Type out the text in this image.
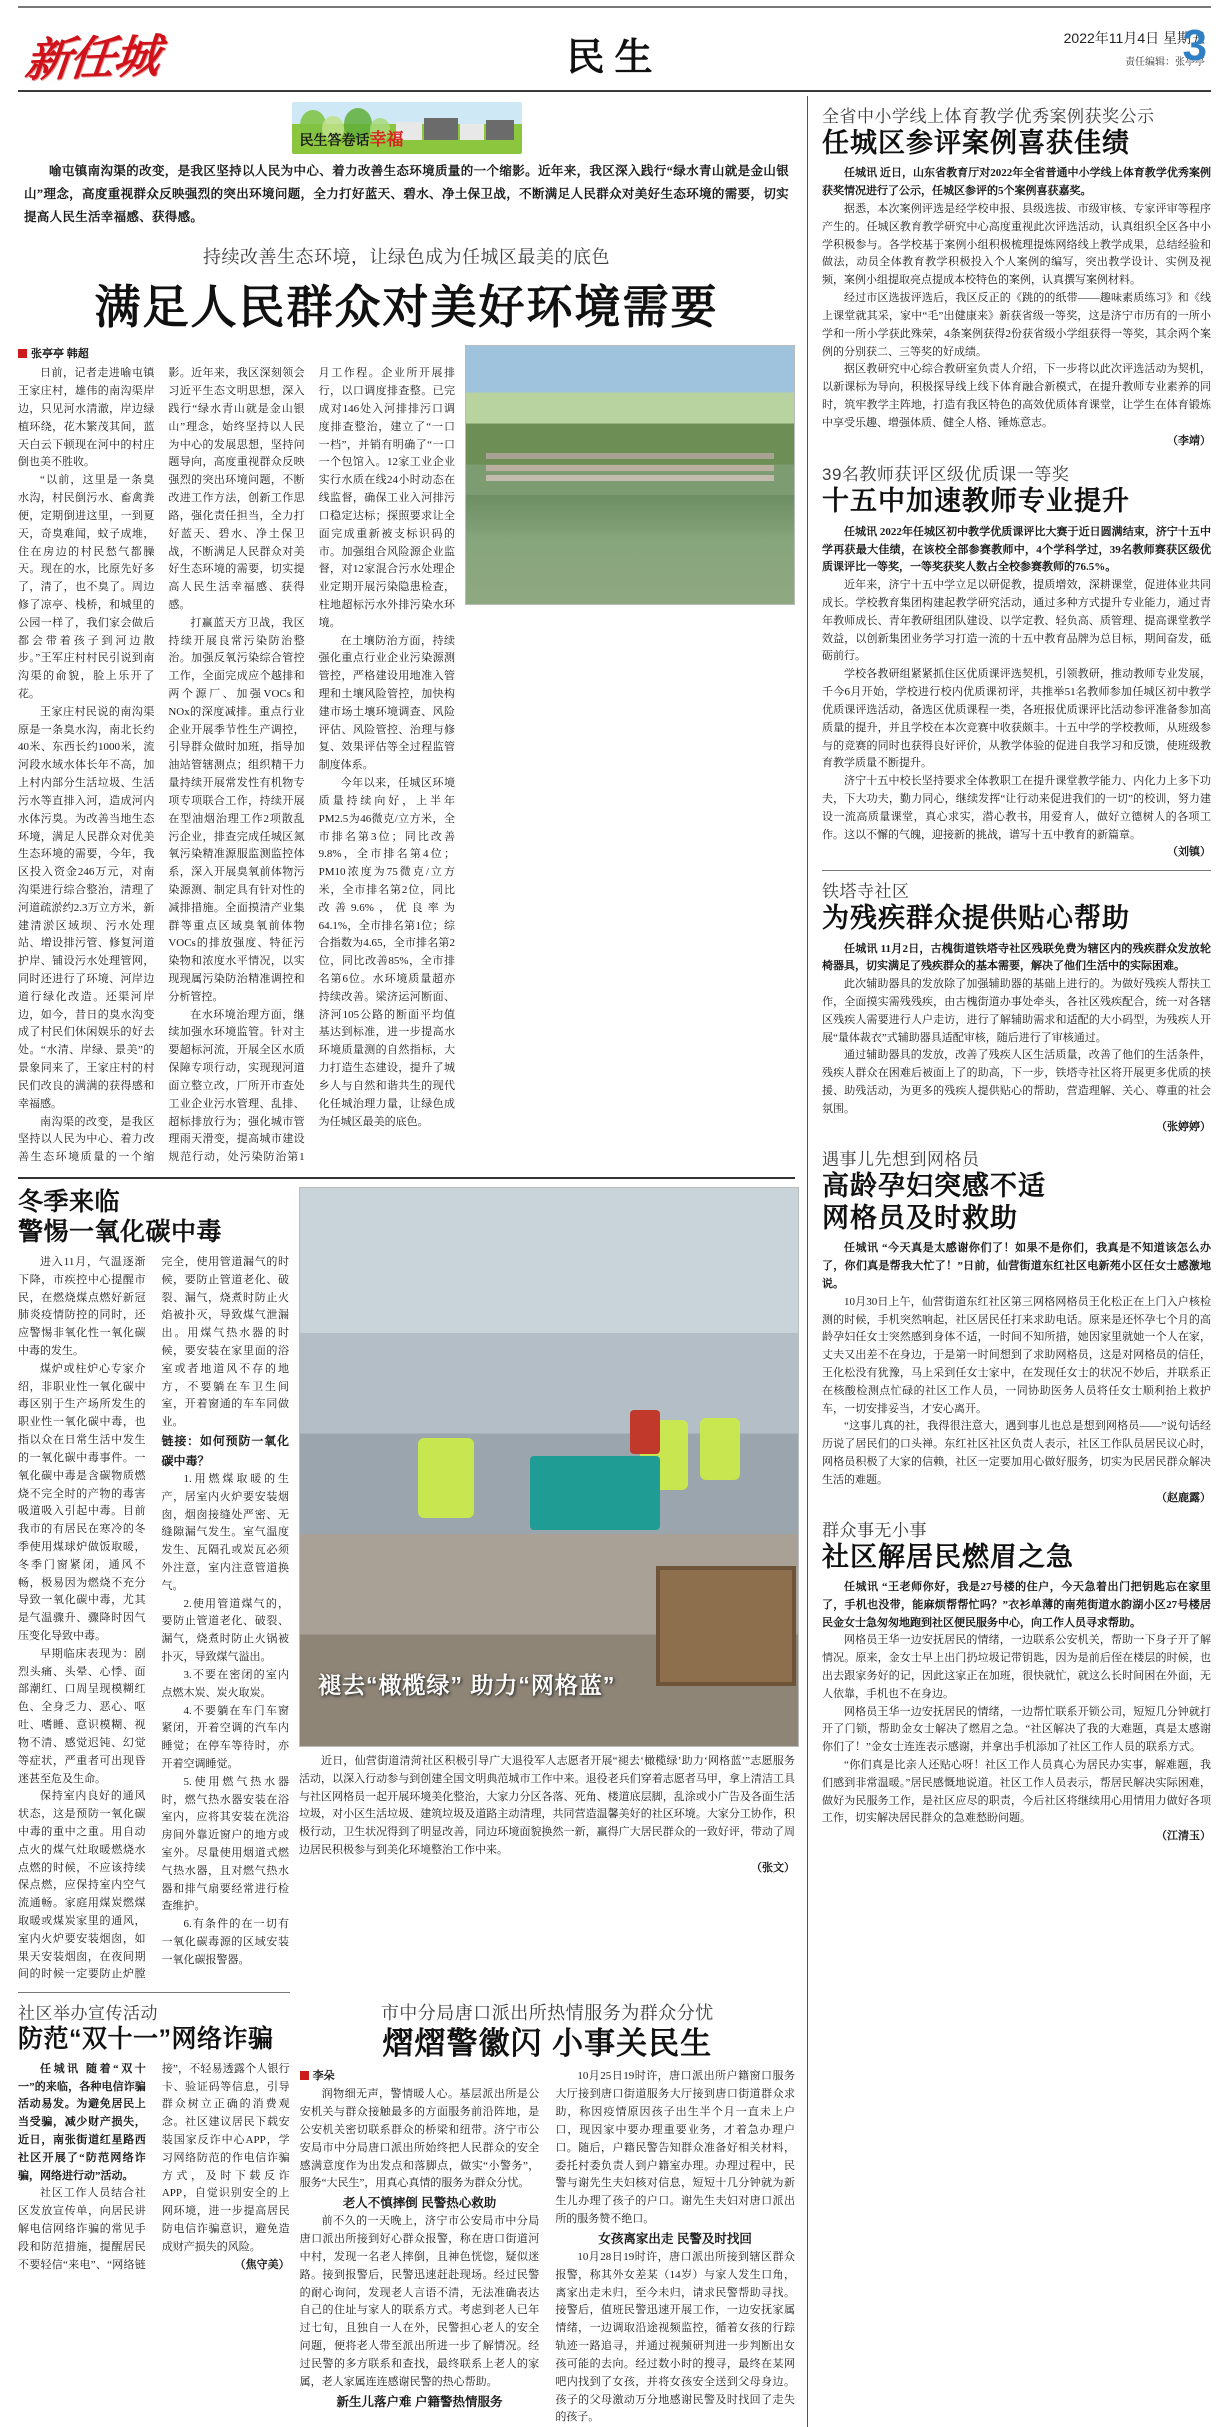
新任城	民生	2022年11月4日 星期五
责任编辑：张亭亭
3
民生答卷话幸福

喻屯镇南沟渠的改变，是我区坚持以人民为中心、着力改善生态环境质量的一个缩影。近年来，我区深入践行“绿水青山就是金山银山”理念，高度重视群众反映强烈的突出环境问题，全力打好蓝天、碧水、净土保卫战，不断满足人民群众对美好生态环境的需要，切实提高人民生活幸福感、获得感。

持续改善生态环境，让绿色成为任城区最美的底色
满足人民群众对美好环境需要
张亭亭 韩超

日前，记者走进喻屯镇王家庄村，雄伟的南沟渠岸边，只见河水清澈，岸边绿植环绕，花木繁茂其间，蓝天白云下顿现在河中的村庄倒也美不胜收。

“以前，这里是一条臭水沟，村民倒污水、畜禽粪便，定期倒进这里，一到夏天，奇臭难闻，蚊子成堆，住在房边的村民愁气都臊天。现在的水，比原先好多了，清了，也不臭了。周边修了凉亭、栈桥，和城里的公园一样了，我们家会做后都会带着孩子到河边散步。”王军庄村村民引说到南沟渠的俞貌，脸上乐开了花。

王家庄村民说的南沟渠原是一条臭水沟，南北长约40米、东西长约1000米，流河段水域水体长年不高，加上村内部分生活垃圾、生活污水等直排入河，造成河内水体污臭。为改善当地生态环境，满足人民群众对优美生态环境的需要，今年，我区投入资金246万元，对南沟渠进行综合整治，清理了河道疏淤约2.3万立方米，新建清淤区域坝、污水处理站、增设排污管、修复河道护岸、铺设污水处理管网，同时还进行了环境、河岸边道行绿化改造。还渠河岸边，如今，昔日的臭水沟变成了村民们休闲娱乐的好去处。“水清、岸绿、景美”的景象同来了，王家庄村的村民们改良的满满的获得感和幸福感。

南沟渠的改变，是我区坚持以人民为中心、着力改善生态环境质量的一个缩影。近年来，我区深刻领会习近平生态文明思想，深入践行“绿水青山就是金山银山”理念，始终坚持以人民为中心的发展思想，坚持问题导向，高度重视群众反映强烈的突出环境问题，不断改进工作方法，创新工作思路，强化责任担当，全力打好蓝天、碧水、净土保卫战，不断满足人民群众对美好生态环境的需要，切实提高人民生活幸福感、获得感。

打赢蓝天方卫战，我区持续开展良常污染防治整治。加强反氧污染综合管控工作，全面完成应个越排和两个源厂、加强VOCs和NOx的深度减排。重点行业企业开展季节性生产调控，引导群众做时加班，指导加油站管辖测点；组织精干力量持续开展常发性有机物专项专项联合工作，持续开展在型油烟治理工作2项散乱污企业，排查完成任城区氮氧污染精准源服监测监控体系，深入开展臭氧前体物污染源测、制定具有针对性的减排措施。全面摸清产业集群等重点区域臭氧前体物VOCs的排放强度、特征污染物和浓度水平情况，以实现现属污染防治精准调控和分析管控。

在水环境治理方面，继续加强水环境监管。针对主要超标河流，开展全区水质保障专项行动，实现现河道面立整立改，厂所开市查处工业企业污水管理、乱排、超标排放行为；强化城市管理雨天滑变，提高城市建设规范行动，处污染防治第1月工作程。企业所开展排行，以口调度排查整。已完成对146处入河排排污口调度排查整治，建立了“一口一档”，并销有明确了“一口一个包馆入。12家工业企业实行水质在线24小时动态在线监督，确保工业入河排污口稳定达标；探照要求让全面完成重新被支标识码的市。加强组合风险源企业监督，对12家混合污水处理企业定期开展污染隐患检查，柱地超标污水外排污染水环境。

在土壤防治方面，持续强化重点行业企业污染源测管控，严格建设用地准入管理和土壤风险管控，加快构建市场土壤环境调查、风险评估、风险管控、治理与修复、效果评估等全过程监管制度体系。

今年以来，任城区环境质量持续向好，上半年PM2.5为46微克/立方米，全市排名第3位；同比改善9.8%，全市排名第4位；PM10浓度为75微克/立方米，全市排名第2位，同比改善9.6%，优良率为64.1%，全市排名第1位；综合指数为4.65，全市排名第2位，同比改善85%，全市排名第6位。水环境质量超亦持续改善。梁济运河断面、济河105公路的断面平均值基达到标准，进一步提高水环境质量测的自然指标，大力打造生态建设，提升了城乡人与自然和谐共生的现代化任城治理力量，让绿色成为任城区最美的底色。

冬季来临
警惕一氧化碳中毒

进入11月，气温逐渐下降，市疾控中心提醒市民，在燃烧煤点燃好新冠肺炎疫情防控的同时，还应警惕非氧化性一氧化碳中毒的发生。

煤炉或柱炉心专家介绍，非职业性一氧化碳中毒区别于生产场所发生的职业性一氧化碳中毒，也指以众在日常生活中发生的一氧化碳中毒事件。一氧化碳中毒是含碳物质燃烧不完全时的产物的毒害吸道吸入引起中毒。目前我市的有居民在寒冷的冬季使用煤球炉做饭取暖，冬季门窗紧闭，通风不畅，极易因为燃烧不充分导致一氧化碳中毒，尤其是气温骤升、骤降时因气压变化导致中毒。

早期临床表现为：剧烈头痛、头晕、心悸、面部潮红、口周呈现模糊红色、全身乏力、恶心、呕吐、嗜睡、意识模糊、视物不清、感觉迟钝、幻觉等症状，严重者可出现昏迷甚至危及生命。

保持室内良好的通风状态，这是预防一氧化碳中毒的重中之重。用自动点火的煤气灶取暖燃烧水点燃的时候，不应该持续保点燃，应保持室内空气流通畅。家庭用煤炭燃煤取暖或煤炭家里的通风，室内火炉要安装烟囱，如果天安装烟囱，在夜间期间的时候一定要防止炉膛完全，使用管道漏气的时候，要防止管道老化、破裂、漏气，烧煮时防止火焰被扑灭，导致煤气泄漏出。用煤气热水器的时候，要安装在家里面的浴室或者地道风不存的地方，不要躺在车卫生间室，开着窗通的车车同做业。

链接：如何预防一氧化碳中毒？

1.用燃煤取暖的生产，居室内火炉要安装烟囱，烟囱接缝处严密、无缝隙漏气发生。室气温度发生、瓦隔孔或炭瓦必须外注意，室内注意管道换气。

2.使用管道煤气的，要防止管道老化、破裂、漏气，烧煮时防止火锅被扑灭，导致煤气溢出。

3.不要在密闭的室内点燃木炭、炭火取炭。

4.不要躺在车门车窗紧闭，开着空调的汽车内睡觉；在停车等待时，亦开着空调睡觉。

5.使用燃气热水器时，燃气热水器安装在浴室内，应将其安装在洗浴房间外靠近窗户的地方或室外。尽量使用烟道式燃气热水器，且对燃气热水器和排气扇要经常进行检查维护。

6.有条件的在一切有一氧化碳毒源的区域安装一氧化碳报警器。

褪去“橄榄绿” 助力“网格蓝”

近日，仙营街道清菏社区积极引导广大退役军人志愿者开展“褪去‘橄榄绿’助力‘网格蓝’”志愿服务活动，以深入行动参与到创建全国文明典范城市工作中来。退役老兵们穿着志愿者马甲，拿上清洁工具与社区网格员一起开展环境美化整治，大家力分区各落、死角、楼道底层脚，乱涂或小广告及各面生活垃圾，对小区生活垃圾、建筑垃圾及道路主动清理，共同营造温馨美好的社区环境。大家分工协作，积极行动，卫生状况得到了明显改善，同边环境面貌换然一新，赢得广大居民群众的一致好评，带动了周边居民积极参与到美化环境整治工作中来。

（张文）

社区举办宣传活动
防范“双十一”网络诈骗

任城讯 随着“双十一”的来临，各种电信诈骗活动易发。为避免居民上当受骗，减少财产损失，近日，南张街道红星路西社区开展了“防范网络诈骗，网络进行动”活动。

社区工作人员结合社区发放宣传单，向居民讲解电信网络诈骗的常见手段和防范措施，提醒居民不要轻信“来电”、“网络链接”，不轻易透露个人银行卡、验证码等信息，引导群众树立正确的消费观念。社区建议居民下载安装国家反诈中心APP，学习网络防范的作电信诈骗方式，及时下载反诈APP，自觉识别安全的上网环境，进一步提高居民防电信诈骗意识，避免造成财产损失的风险。

（焦守美）

市中分局唐口派出所热情服务为群众分忧
熠熠警徽闪 小事关民生

李朵

润物细无声，警情暖人心。基层派出所是公安机关与群众接触最多的方面服务前沿阵地，是公安机关密切联系群众的桥梁和纽带。济宁市公安局市中分局唐口派出所始终把人民群众的安全感满意度作为出发点和落脚点，做实“小警务”，服务“大民生”，用真心真情的服务为群众分忧。

老人不慎摔倒 民警热心救助

前不久的一天晚上，济宁市公安局市中分局唐口派出所接到好心群众报警，称在唐口街道河中村，发现一名老人摔倒，且神色恍惚，疑似迷路。接到报警后，民警迅速赶赴现场。经过民警的耐心询问，发现老人言语不清，无法准确表达自己的住址与家人的联系方式。考虑到老人已年过七旬，且独自一人在外，民警担心老人的安全问题，便将老人带至派出所进一步了解情况。经过民警的多方联系和查找，最终联系上老人的家属，老人家属连连感谢民警的热心帮助。

新生儿落户难 户籍警热情服务

10月25日19时许，唐口派出所户籍窗口服务大厅接到唐口街道服务大厅接到唐口街道群众求助，称因疫情原因孩子出生半个月一直未上户口，现因家中要办理重要业务，才着急办理户口。随后，户籍民警告知群众准备好相关材料，委托村委负责人到户籍室办理。办理过程中，民警与谢先生夫妇核对信息，短短十几分钟就为新生儿办理了孩子的户口。谢先生夫妇对唐口派出所的服务赞不绝口。

女孩离家出走 民警及时找回

10月28日19时许，唐口派出所接到辖区群众报警，称其外女差某（14岁）与家人发生口角，离家出走未归，至今未归，请求民警帮助寻找。接警后，值班民警迅速开展工作，一边安抚家属情绪，一边调取沿途视频监控，循着女孩的行踪轨迹一路追寻，并通过视频研判进一步判断出女孩可能的去向。经过数小时的搜寻，最终在某网吧内找到了女孩，并将女孩安全送到父母身边。孩子的父母激动万分地感谢民警及时找回了走失的孩子。

全省中小学线上体育教学优秀案例获奖公示
任城区参评案例喜获佳绩

任城讯 近日，山东省教育厅对2022年全省普通中小学线上体育教学优秀案例获奖情况进行了公示，任城区参评的5个案例喜获嘉奖。

据悉，本次案例评选是经学校申报、县级选拔、市级审核、专家评审等程序产生的。任城区教育教学研究中心高度重视此次评选活动，认真组织全区各中小学积极参与。各学校基于案例小组积极梳理提炼网络线上教学成果，总结经验和做法，动员全体教育教学积极投入个人案例的编写，突出教学设计、实例及视频，案例小组提取亮点提成本校特色的案例，认真撰写案例材料。

经过市区选拔评选后，我区反正的《跳的的纸带——趣味素质练习》和《线上课堂就其采，家中“毛”出健康来》新获省级一等奖，这是济宁市历有的一所小学和一所小学获此殊荣，4条案例获得2份获省级小学组获得一等奖，其余两个案例的分别获二、三等奖的好成绩。

据区教研究中心综合教研室负责人介绍，下一步将以此次评选活动为契机，以新课标为导向，积极探导线上线下体育融合新模式，在提升教师专业素养的同时，筑牢教学主阵地，打造有我区特色的高效优质体育课堂，让学生在体育锻炼中享受乐趣、增强体质、健全人格、锤炼意志。

（李靖）

39名教师获评区级优质课一等奖
十五中加速教师专业提升

任城讯 2022年任城区初中教学优质课评比大赛于近日圆满结束，济宁十五中学再获最大佳绩，在该校全部参赛教师中，4个学科学过，39名教师赛获区级优质课评比一等奖，一等奖获奖人数占全校参赛教师的76.5%。

近年来，济宁十五中学立足以研促教，提质增效，深耕课堂，促进体业共同成长。学校教育集团构建起教学研究活动，通过多种方式提升专业能力，通过青年教师成长、青年教研组团队建设、以学定教、轻负高、质管理、提高课堂教学效益，以创新集团业务学习打造一流的十五中教育品牌为总目标，期间奋发，砥砺前行。

学校各教研组紧紧抓住区优质课评选契机，引领教研，推动教师专业发展，千今6月开始，学校进行校内优质课初评，共推举51名教师参加任城区初中教学优质课评选活动，备选区优质课程一类，各班报优质课评比活动参评准备参加高质量的提升，并且学校在本次竞赛中收获颇丰。十五中学的学校教师，从班级参与的竞赛的同时也获得良好评价，从教学体验的促进自我学习和反馈，使班级教育教学质量不断提升。

济宁十五中校长坚持要求全体教职工在提升课堂教学能力、内化力上多下功夫，下大功夫，勤力同心，继续发挥“让行动来促进我们的一切”的校训，努力建设一流高质量课堂，真心求实，潜心教书，用爱育人，做好立德树人的各项工作。这以不懈的气魄，迎接新的挑战，谱写十五中教育的新篇章。

（刘镇）

铁塔寺社区
为残疾群众提供贴心帮助

任城讯 11月2日，古槐街道铁塔寺社区残联免费为辖区内的残疾群众发放轮椅器具，切实满足了残疾群众的基本需要，解决了他们生活中的实际困难。

此次辅助器具的发放除了加强辅助器的基础上进行的。为做好残疾人帮扶工作，全面摸实需残残疾，由古槐街道办事处牵头，各社区残疾配合，统一对各辖区残疾人需要进行人户走访，进行了解辅助需求和适配的大小码型，为残疾人开展“量体裁衣”式辅助器具适配审核，随后进行了审核通过。

通过辅助器具的发放，改善了残疾人区生活质量，改善了他们的生活条件，残疾人群众在困难后被面上了的助高，下一步，铁塔寺社区将开展更多优质的挟援、助残活动，为更多的残疾人提供贴心的帮助，营造理解、关心、尊重的社会氛围。

（张婷婷）

遇事儿先想到网格员
高龄孕妇突感不适
网格员及时救助

任城讯 “今天真是太感谢你们了！如果不是你们，我真是不知道该怎么办了，你们真是帮我大忙了！”日前，仙营街道东红社区电新苑小区任女士感激地说。

10月30日上午，仙营街道东红社区第三网格网格员王化松正在上门入户核检测的时候，手机突然响起，社区居民任打来求助电话。原来是还怀孕七个月的高龄孕妇任女士突然感到身体不适，一时间不知所措，她因家里就她一个人在家，丈夫又出差不在身边，于是第一时间想到了求助网格员，这是对网格员的信任，王化松没有犹豫，马上采到任女士家中，在发现任女士的状况不妙后，并联系正在核酸检测点忙碌的社区工作人员，一同协助医务人员将任女士顺利抬上救护车，一切安排妥当，才安心离开。

“这事儿真的社，我得很注意大，遇到事儿也总是想到网格员——”说句话经历说了居民们的口头禅。东红社区社区负责人表示，社区工作队员居民议心时，网格员积极了大家的信赖，社区一定要加用心做好服务，切实为民居民群众解决生活的难题。

（赵鹿露）

群众事无小事
社区解居民燃眉之急

任城讯 “王老师你好，我是27号楼的住户，今天急着出门把钥匙忘在家里了，手机也没带，能麻烦帮帮忙吗？”衣衫单薄的南苑街道水韵湖小区27号楼居民金女士急匆匆地跑到社区便民服务中心，向工作人员寻求帮助。

网格员王华一边安抚居民的情绪，一边联系公安机关，帮助一下身子开了解情况。原来，金女士早上出门扔垃圾记带钥匙，因为是前后侄在楼层的时候，也出去跟家务好的记，因此这家正在加班，很快就忙，就这么长时间困在外面，无人依靠，手机也不在身边。

网格员王华一边安抚居民的情绪，一边帮忙联系开锁公司，短短几分钟就打开了门锁，帮助金女士解决了燃眉之急。“社区解决了我的大难题，真是太感谢你们了！”金女士连连表示感谢，并拿出手机添加了社区工作人员的联系方式。

“你们真是比亲人还贴心呀！社区工作人员真心为居民办实事，解难题，我们感到非常温暖。”居民感慨地说道。社区工作人员表示，帮居民解决实际困难，做好为民服务工作，是社区应尽的职责，今后社区将继续用心用情用力做好各项工作，切实解决居民群众的急难愁盼问题。

（江清玉）
